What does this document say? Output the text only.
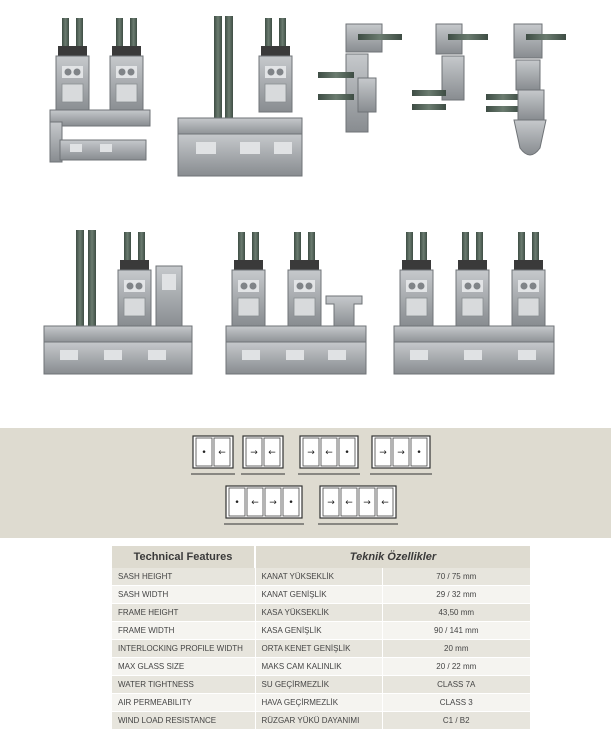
• ←	→ ←	→ ← •	→ → •
• ← → •	→ ← → ←
Technical Features	Teknik Özellikler	
SASH HEIGHT	KANAT YÜKSEKLİK	70 / 75 mm
SASH WIDTH	KANAT GENİŞLİK	29 / 32 mm
FRAME HEIGHT	KASA YÜKSEKLİK	43,50 mm
FRAME WIDTH	KASA GENİŞLİK	90 / 141 mm
INTERLOCKING PROFILE WIDTH	ORTA KENET GENİŞLİK	20 mm
MAX GLASS SIZE	MAKS CAM KALINLIK	20 / 22 mm
WATER TIGHTNESS	SU GEÇİRMEZLİK	CLASS 7A
AIR PERMEABILITY	HAVA GEÇİRMEZLİK	CLASS 3
WIND LOAD RESISTANCE	RÜZGAR YÜKÜ DAYANIMI	C1 / B2
